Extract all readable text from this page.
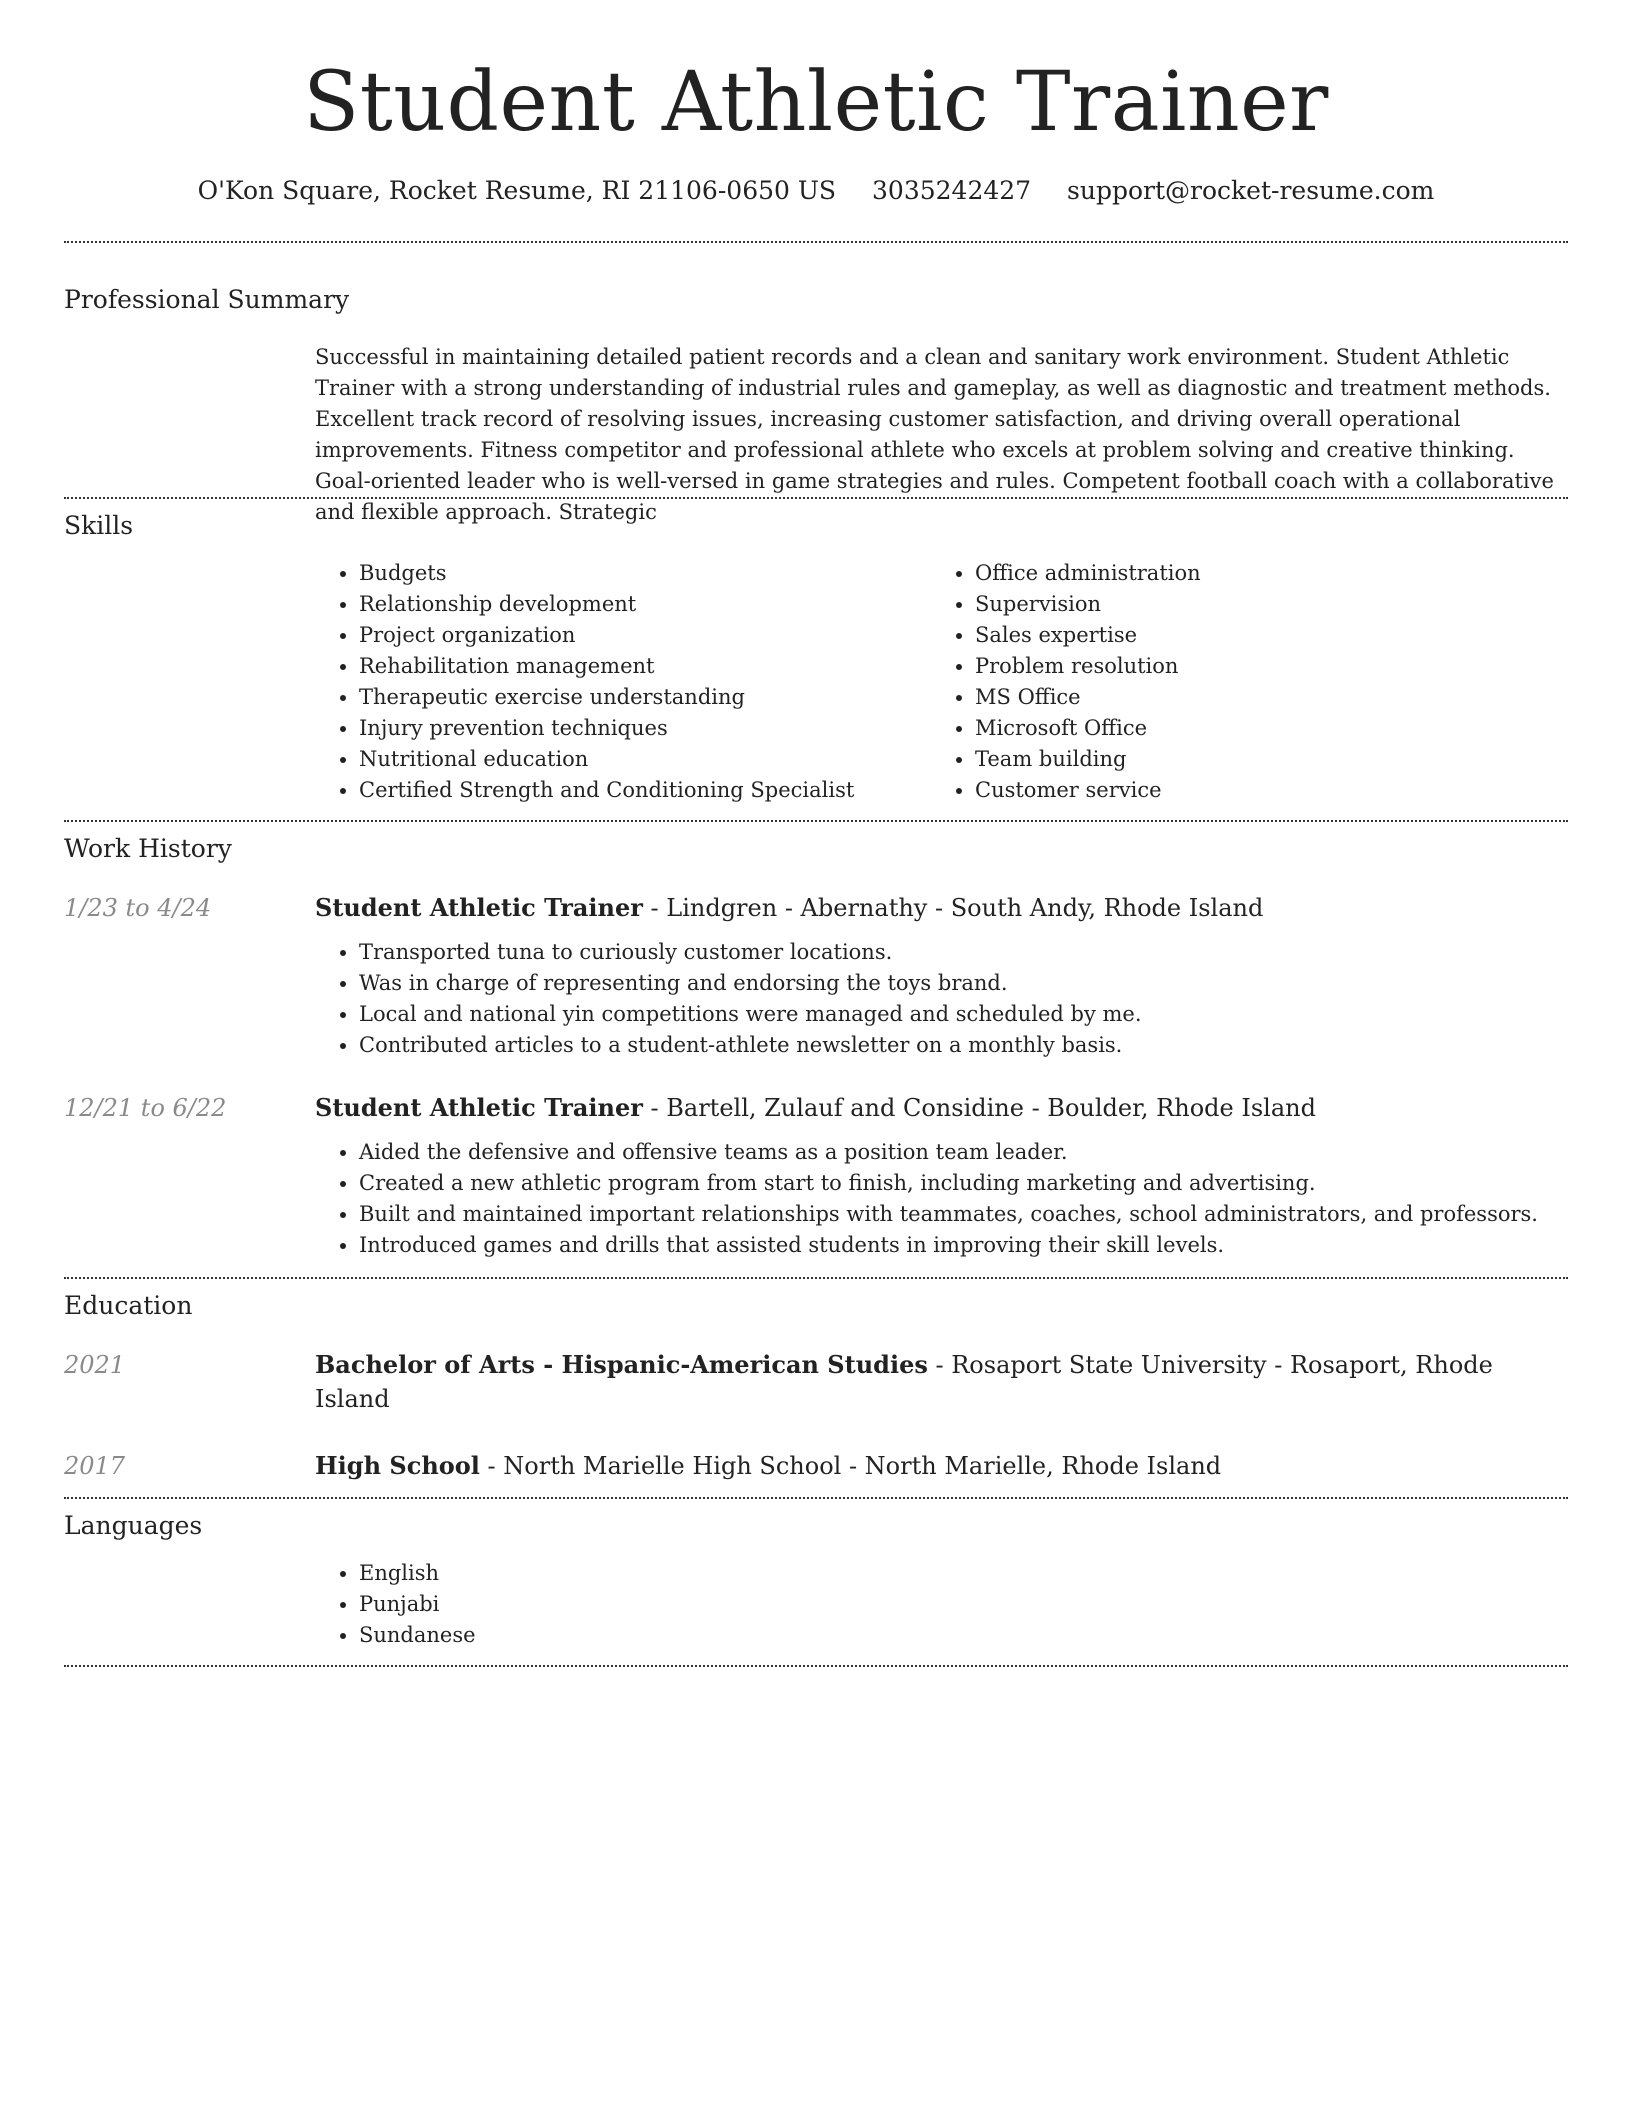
Student Athletic Trainer
O'Kon Square, Rocket Resume, RI 21106-0650 US 3035242427 support@rocket-resume.com
Professional Summary
Successful in maintaining detailed patient records and a clean and sanitary work environment. Student Athletic Trainer with a strong understanding of industrial rules and gameplay, as well as diagnostic and treatment methods. Excellent track record of resolving issues, increasing customer satisfaction, and driving overall operational improvements. Fitness competitor and professional athlete who excels at problem solving and creative thinking. Goal-oriented leader who is well-versed in game strategies and rules. Competent football coach with a collaborative and flexible approach. Strategic
Skills
• Budgets
• Relationship development
• Project organization
• Rehabilitation management
• Therapeutic exercise understanding
• Injury prevention techniques
• Nutritional education
• Certified Strength and Conditioning Specialist
• Office administration
• Supervision
• Sales expertise
• Problem resolution
• MS Office
• Microsoft Office
• Team building
• Customer service
Work History
1/23 to 4/24	Student Athletic Trainer - Lindgren - Abernathy - South Andy, Rhode Island
• Transported tuna to curiously customer locations.
• Was in charge of representing and endorsing the toys brand.
• Local and national yin competitions were managed and scheduled by me.
• Contributed articles to a student-athlete newsletter on a monthly basis.
12/21 to 6/22	Student Athletic Trainer - Bartell, Zulauf and Considine - Boulder, Rhode Island
• Aided the defensive and offensive teams as a position team leader.
• Created a new athletic program from start to finish, including marketing and advertising.
• Built and maintained important relationships with teammates, coaches, school administrators, and professors.
• Introduced games and drills that assisted students in improving their skill levels.
Education
2021	Bachelor of Arts - Hispanic-American Studies - Rosaport State University - Rosaport, Rhode Island
2017	High School - North Marielle High School - North Marielle, Rhode Island
Languages
• English
• Punjabi
• Sundanese
